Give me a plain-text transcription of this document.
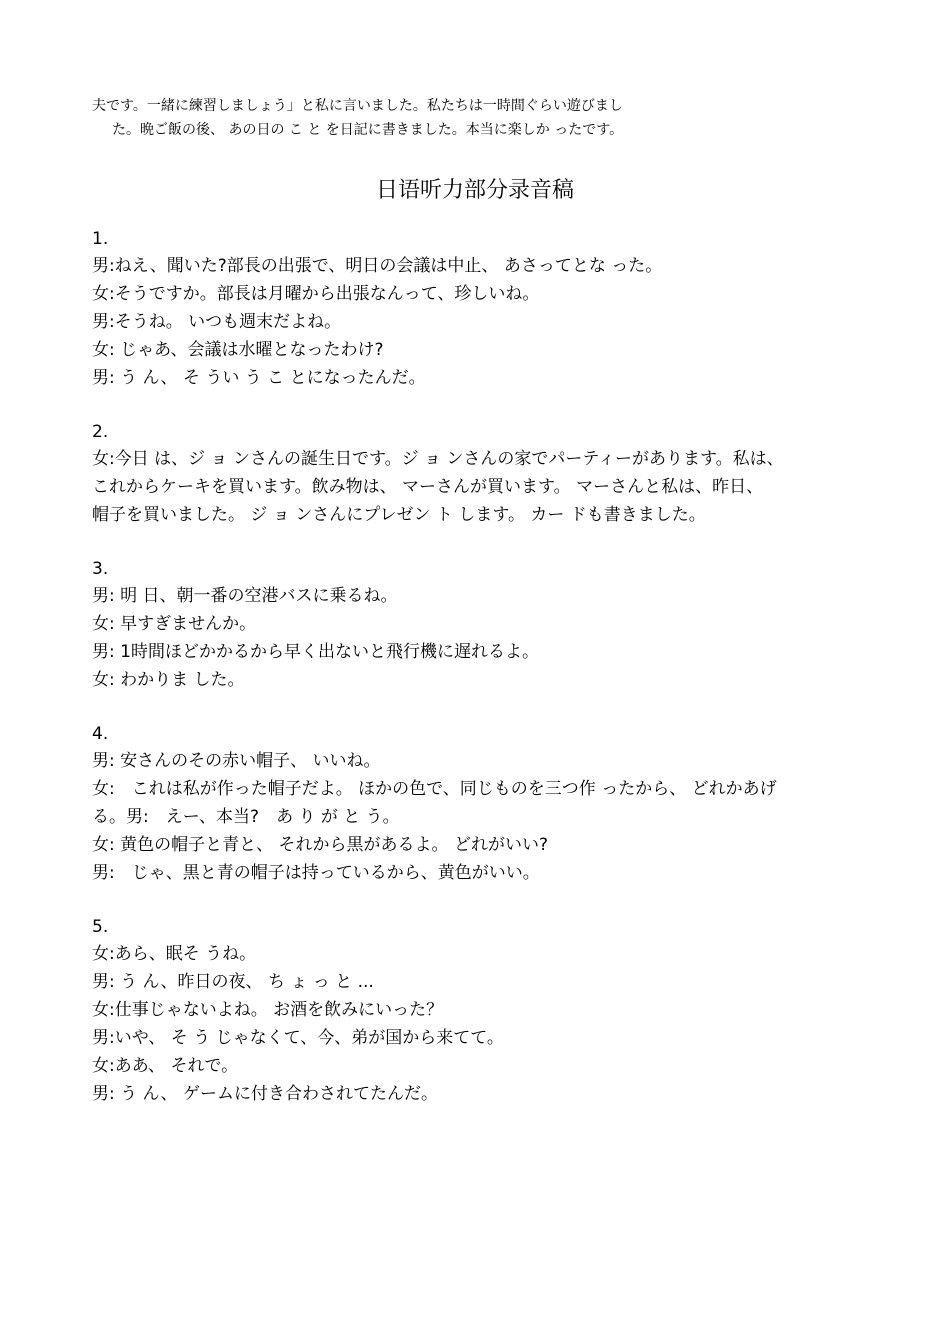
夫です。一緒に練習しましょう」と私に言いました。私たちは一時間ぐらい遊びまし

た。晩ご飯の後、 あの日の こ と を日記に書きました。本当に楽しか ったです。

日语听力部分录音稿

1.

男:ねえ、聞いた?部長の出張で、明日の会議は中止、 あさってとな った。

女:そうですか。部長は月曜から出張なんって、珍しいね。

男:そうね。 いつも週末だよね。

女: じゃあ、会議は水曜となったわけ?

男: う ん、 そ うい う こ とになったんだ。

2.

女:今日 は、ジ ョ ンさんの誕生日です。ジ ョ ンさんの家でパーティーがあります。私は、

これからケーキを買います。飲み物は、 マーさんが買います。 マーさんと私は、昨日、

帽子を買いました。 ジ ョ ンさんにプレゼン ト します。 カー ドも書きました。

3.

男: 明 日、朝一番の空港バスに乗るね。

女: 早すぎませんか。

男: 1時間ほどかかるから早く出ないと飛行機に遅れるよ。

女: わかりま した。

4.

男: 安さんのその赤い帽子、 いいね。

女:　これは私が作った帽子だよ。 ほかの色で、同じものを三つ作 ったから、 どれかあげ

る。男:　えー、本当?　あ り が と う。

女: 黄色の帽子と青と、 それから黒があるよ。 どれがいい?

男:　じゃ、黒と青の帽子は持っているから、黄色がいい。

5.

女:あら、眠そ うね。

男: う ん、昨日の夜、 ち ょ っ と ...

女:仕事じゃないよね。 お酒を飲みにいった？

男:いや、 そ う じゃなくて、今、弟が国から来てて。

女:ああ、 それで。

男: う ん、 ゲームに付き合わされてたんだ。
